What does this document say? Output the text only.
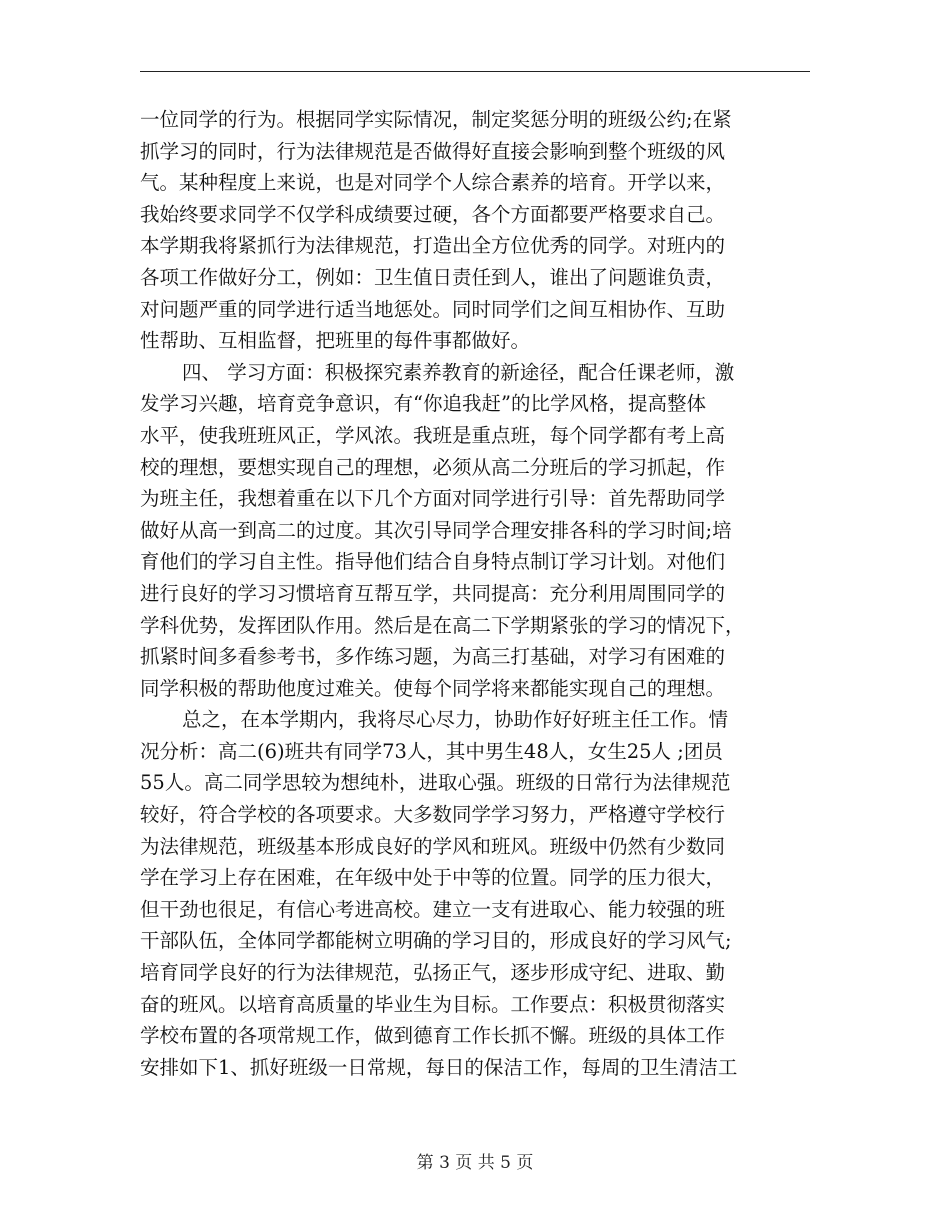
一位同学的行为。根据同学实际情况，制定奖惩分明的班级公约;在紧
抓学习的同时，行为法律规范是否做得好直接会影响到整个班级的风
气。某种程度上来说，也是对同学个人综合素养的培育。开学以来，
我始终要求同学不仅学科成绩要过硬，各个方面都要严格要求自己。
本学期我将紧抓行为法律规范，打造出全方位优秀的同学。对班内的
各项工作做好分工，例如：卫生值日责任到人，谁出了问题谁负责，
对问题严重的同学进行适当地惩处。同时同学们之间互相协作、互助
性帮助、互相监督，把班里的每件事都做好。
四、 学习方面：积极探究素养教育的新途径，配合任课老师，激
发学习兴趣，培育竞争意识，有“你追我赶”的比学风格，提高整体
水平，使我班班风正，学风浓。我班是重点班，每个同学都有考上高
校的理想，要想实现自己的理想，必须从高二分班后的学习抓起，作
为班主任，我想着重在以下几个方面对同学进行引导：首先帮助同学
做好从高一到高二的过度。其次引导同学合理安排各科的学习时间;培
育他们的学习自主性。指导他们结合自身特点制订学习计划。对他们
进行良好的学习习惯培育互帮互学，共同提高：充分利用周围同学的
学科优势，发挥团队作用。然后是在高二下学期紧张的学习的情况下，
抓紧时间多看参考书，多作练习题，为高三打基础，对学习有困难的
同学积极的帮助他度过难关。使每个同学将来都能实现自己的理想。
总之，在本学期内，我将尽心尽力，协助作好好班主任工作。情
况分析：高二(6)班共有同学73人，其中男生48人，女生25人 ;团员
55人。高二同学思较为想纯朴，进取心强。班级的日常行为法律规范
较好，符合学校的各项要求。大多数同学学习努力，严格遵守学校行
为法律规范，班级基本形成良好的学风和班风。班级中仍然有少数同
学在学习上存在困难，在年级中处于中等的位置。同学的压力很大，
但干劲也很足，有信心考进高校。建立一支有进取心、能力较强的班
干部队伍，全体同学都能树立明确的学习目的，形成良好的学习风气;
培育同学良好的行为法律规范，弘扬正气，逐步形成守纪、进取、勤
奋的班风。以培育高质量的毕业生为目标。工作要点：积极贯彻落实
学校布置的各项常规工作，做到德育工作长抓不懈。班级的具体工作
安排如下1、抓好班级一日常规，每日的保洁工作，每周的卫生清洁工
第 3 页 共 5 页
